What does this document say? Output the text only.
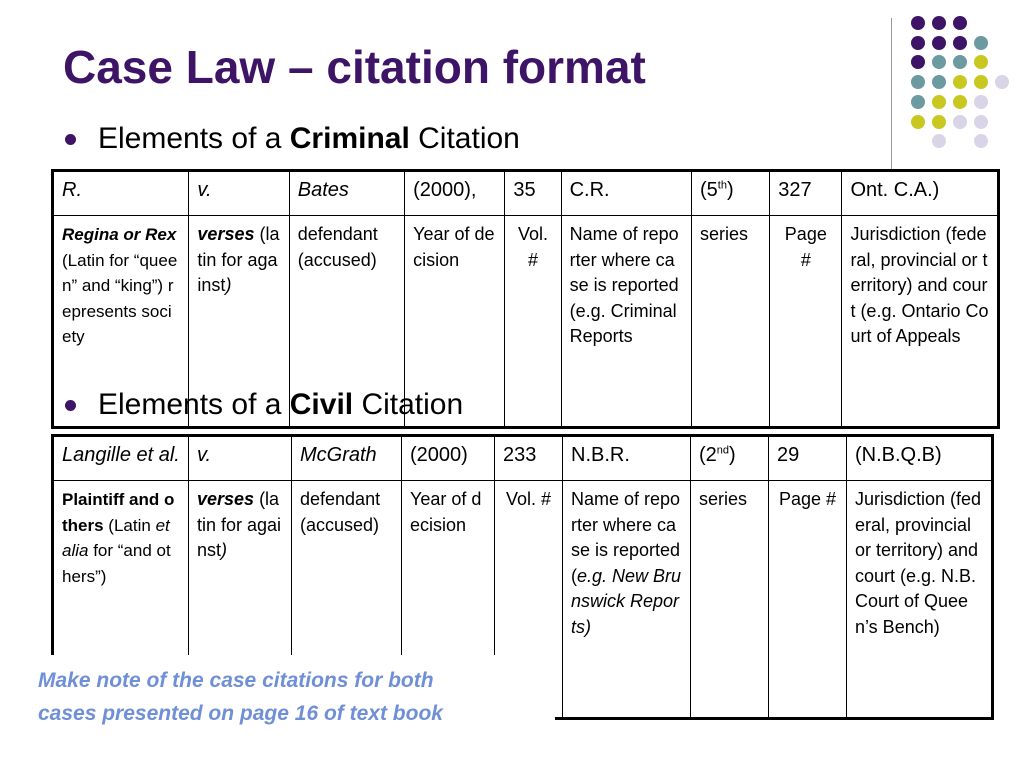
Case Law – citation format
Elements of a Criminal Citation
R.	v.	Bates	(2000),	35	C.R.	(5th)	327	Ont. C.A.)
Regina or Rex (Latin for “queen” and “king”) represents society	verses (latin for against)	defendant (accused)	Year of decision	Vol. #	Name of reporter where case is reported (e.g. Criminal Reports	series	Page #	Jurisdiction (federal, provincial or territory) and court (e.g. Ontario Court of Appeals
Elements of a Civil Citation
Langille et al.	v.	McGrath	(2000)	233	N.B.R.	(2nd)	29	(N.B.Q.B)
Plaintiff and others (Latin et alia for “and others”)	verses (latin for against)	defendant (accused)	Year of decision	Vol. #	Name of reporter where case is reported (e.g. New Brunswick Reports)	series	Page #	Jurisdiction (federal, provincial or territory) and court (e.g. N.B. Court of Queen’s Bench)
Make note of the case citations for both
cases presented on page 16 of text book
